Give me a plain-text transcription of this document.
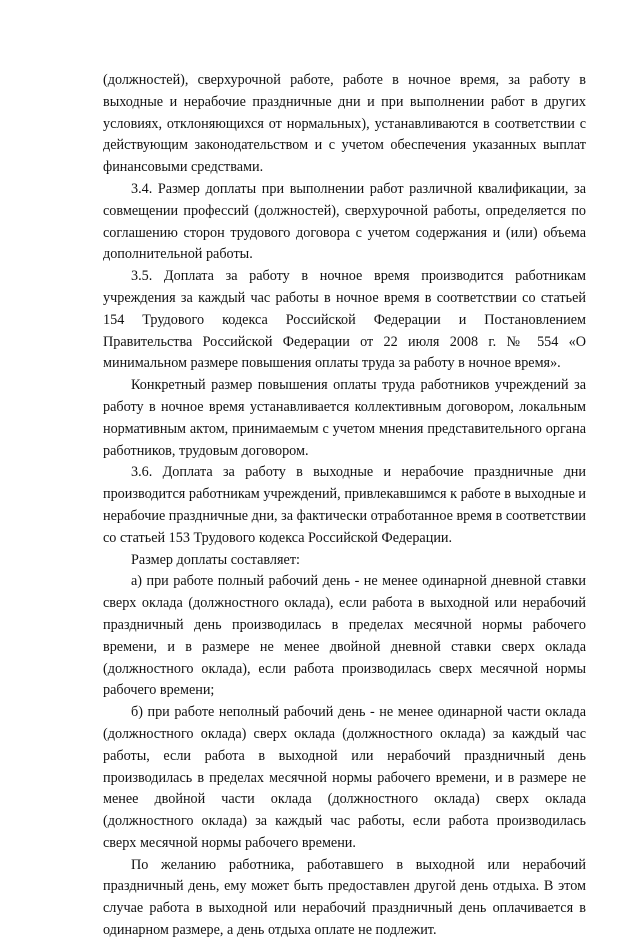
(должностей), сверхурочной работе, работе в ночное время, за работу в выходные и нерабочие праздничные дни и при выполнении работ в других условиях, отклоняющихся от нормальных), устанавливаются в соответствии с действующим законодательством и с учетом обеспечения указанных выплат финансовыми средствами.

3.4. Размер доплаты при выполнении работ различной квалификации, за совмещении профессий (должностей), сверхурочной работы, определяется по соглашению сторон трудового договора с учетом содержания и (или) объема дополнительной работы.

3.5. Доплата за работу в ночное время производится работникам учреждения за каждый час работы в ночное время в соответствии со статьей 154 Трудового кодекса Российской Федерации и Постановлением Правительства Российской Федерации от 22 июля 2008 г. № 554 «О минимальном размере повышения оплаты труда за работу в ночное время».

Конкретный размер повышения оплаты труда работников учреждений за работу в ночное время устанавливается коллективным договором, локальным нормативным актом, принимаемым с учетом мнения представительного органа работников, трудовым договором.

3.6. Доплата за работу в выходные и нерабочие праздничные дни производится работникам учреждений, привлекавшимся к работе в выходные и нерабочие праздничные дни, за фактически отработанное время в соответствии со статьей 153 Трудового кодекса Российской Федерации.

Размер доплаты составляет:

а) при работе полный рабочий день - не менее одинарной дневной ставки сверх оклада (должностного оклада), если работа в выходной или нерабочий праздничный день производилась в пределах месячной нормы рабочего времени, и в размере не менее двойной дневной ставки сверх оклада (должностного оклада), если работа производилась сверх месячной нормы рабочего времени;

б) при работе неполный рабочий день - не менее одинарной части оклада (должностного оклада) сверх оклада (должностного оклада) за каждый час работы, если работа в выходной или нерабочий праздничный день производилась в пределах месячной нормы рабочего времени, и в размере не менее двойной части оклада (должностного оклада) сверх оклада (должностного оклада) за каждый час работы, если работа производилась сверх месячной нормы рабочего времени.

По желанию работника, работавшего в выходной или нерабочий праздничный день, ему может быть предоставлен другой день отдыха. В этом случае работа в выходной или нерабочий праздничный день оплачивается в одинарном размере, а день отдыха оплате не подлежит.
